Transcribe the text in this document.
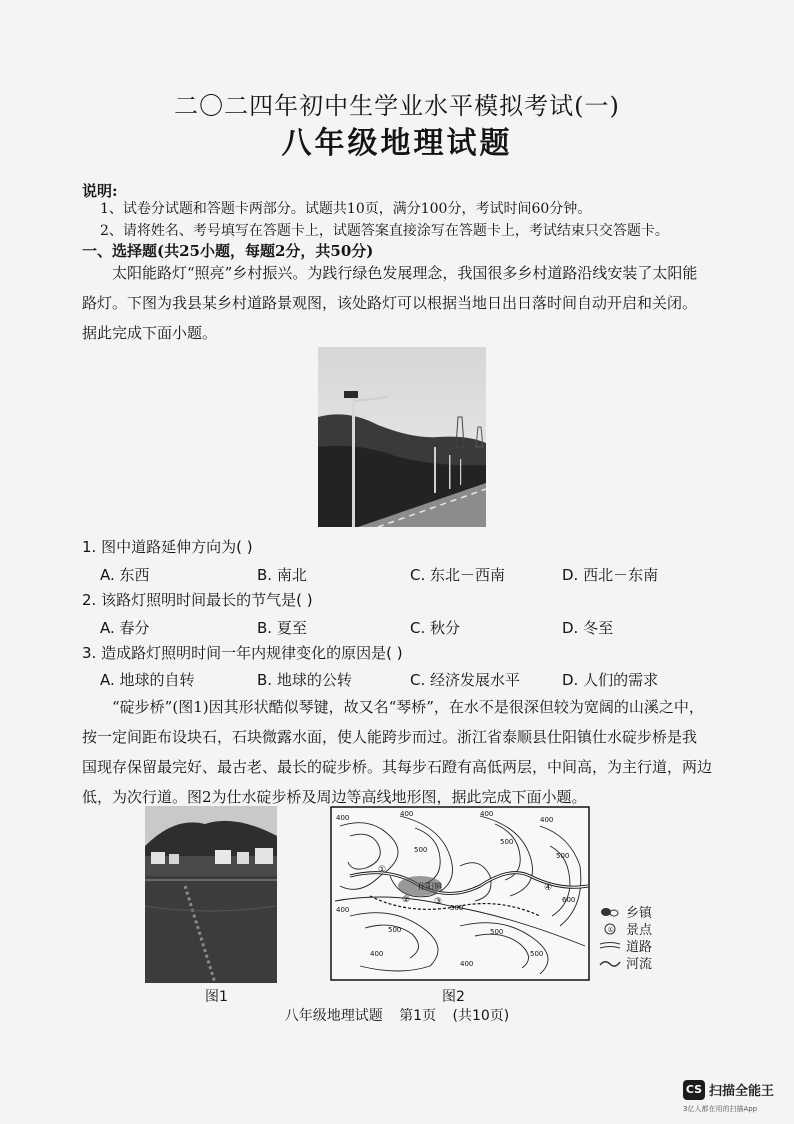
二〇二四年初中生学业水平模拟考试(一)
八年级地理试题
说明:
1、试卷分试题和答题卡两部分。试题共10页，满分100分，考试时间60分钟。
2、请将姓名、考号填写在答题卡上，试题答案直接涂写在答题卡上，考试结束只交答题卡。
一、选择题(共25小题，每题2分，共50分)
太阳能路灯“照亮”乡村振兴。为践行绿色发展理念，我国很多乡村道路沿线安装了太阳能
路灯。下图为我县某乡村道路景观图，该处路灯可以根据当地日出日落时间自动开启和关闭。
据此完成下面小题。
1. 图中道路延伸方向为( )
A. 东西	B. 南北	C. 东北－西南	D. 西北－东南
2. 该路灯照明时间最长的节气是( )
A. 春分	B. 夏至	C. 秋分	D. 冬至
3. 造成路灯照明时间一年内规律变化的原因是( )
A. 地球的自转	B. 地球的公转	C. 经济发展水平	D. 人们的需求
“碇步桥”(图1)因其形状酷似琴键，故又名“琴桥”，在水不是很深但较为宽阔的山溪之中，
按一定间距布设块石，石块微露水面，使人能跨步而过。浙江省泰顺县仕阳镇仕水碇步桥是我
国现存保留最完好、最古老、最长的碇步桥。其每步石蹬有高低两层，中间高，为主行道，两边
低，为次行道。图2为仕水碇步桥及周边等高线地形图，据此完成下面小题。
图1
仕阳镇
400	400
500
400
500
400
500
600
400
400
500	500
400
500
300
①
②	③
④
图2
乡镇
① 景点
道路
河流
八年级地理试题 第1页 (共10页)
CS 扫描全能王
3亿人都在用的扫描App
